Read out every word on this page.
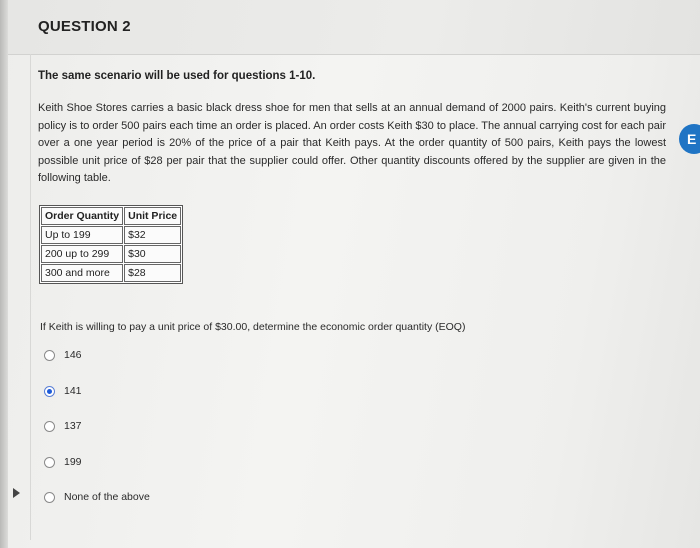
QUESTION 2
The same scenario will be used for questions 1-10.
Keith Shoe Stores carries a basic black dress shoe for men that sells at an annual demand of 2000 pairs. Keith's current buying policy is to order 500 pairs each time an order is placed. An order costs Keith $30 to place. The annual carrying cost for each pair over a one year period is 20% of the price of a pair that Keith pays. At the order quantity of 500 pairs, Keith pays the lowest possible unit price of $28 per pair that the supplier could offer. Other quantity discounts offered by the supplier are given in the following table.
Order Quantity	Unit Price
Up to 199	$32
200 up to 299	$30
300 and more	$28
If Keith is willing to pay a unit price of $30.00, determine the economic order quantity (EOQ)
146
141
137
199
None of the above
E
